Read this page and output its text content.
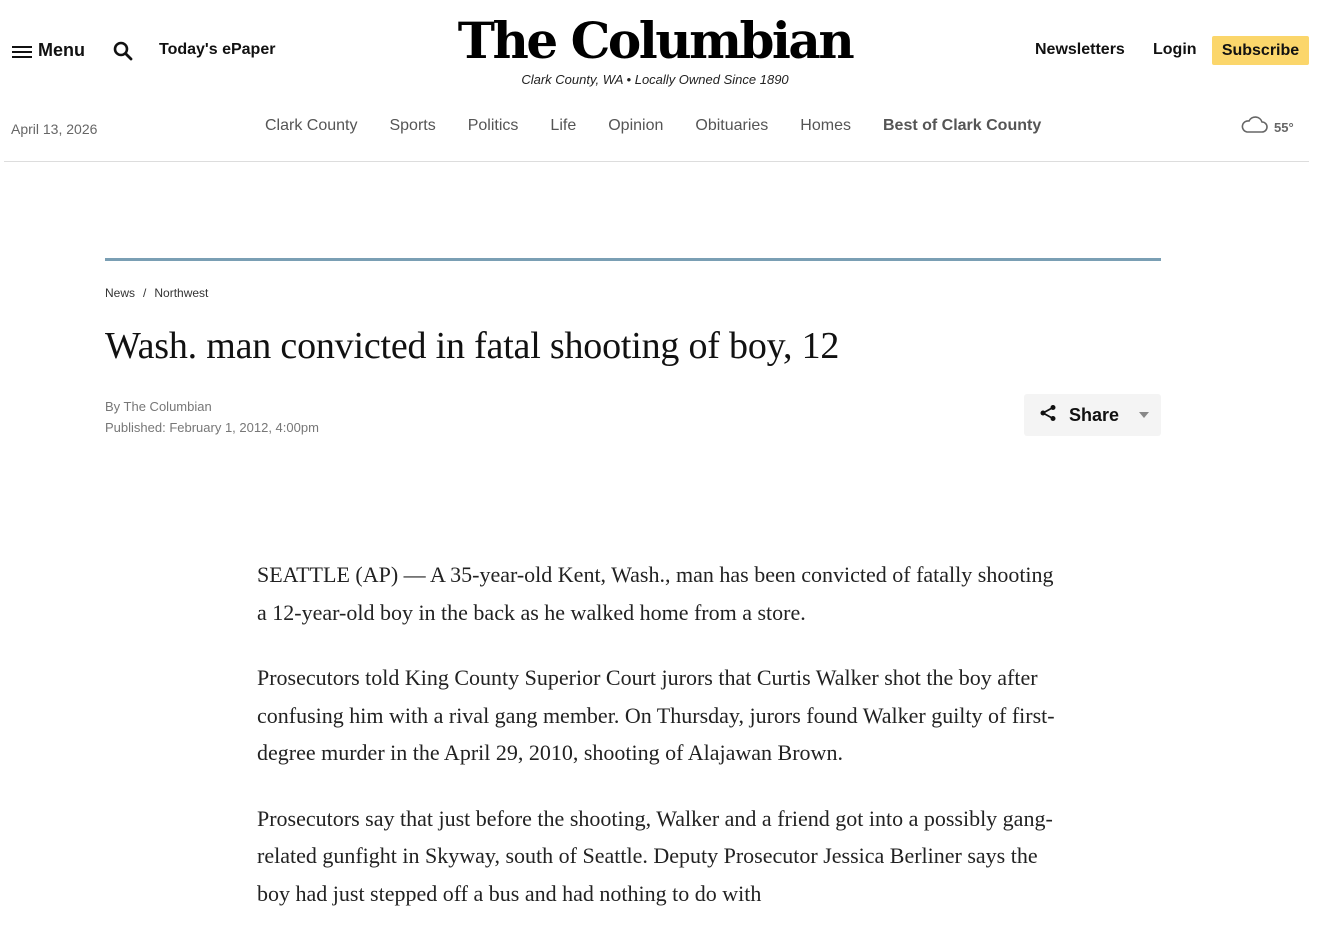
Menu	Today's ePaper	The Columbian
Clark County, WA • Locally Owned Since 1890
Newsletters Login	Subscribe
April 13, 2026	Clark County Sports Politics Life Opinion Obituaries Homes Best of Clark County	55°
News / Northwest
Wash. man convicted in fatal shooting of boy, 12
By The Columbian
Published: February 1, 2012, 4:00pm
Share

SEATTLE (AP) — A 35-year-old Kent, Wash., man has been convicted of fatally shooting a 12-year-old boy in the back as he walked home from a store.

Prosecutors told King County Superior Court jurors that Curtis Walker shot the boy after confusing him with a rival gang member. On Thursday, jurors found Walker guilty of first-degree murder in the April 29, 2010, shooting of Alajawan Brown.

Prosecutors say that just before the shooting, Walker and a friend got into a possibly gang-related gunfight in Skyway, south of Seattle. Deputy Prosecutor Jessica Berliner says the boy had just stepped off a bus and had nothing to do with
